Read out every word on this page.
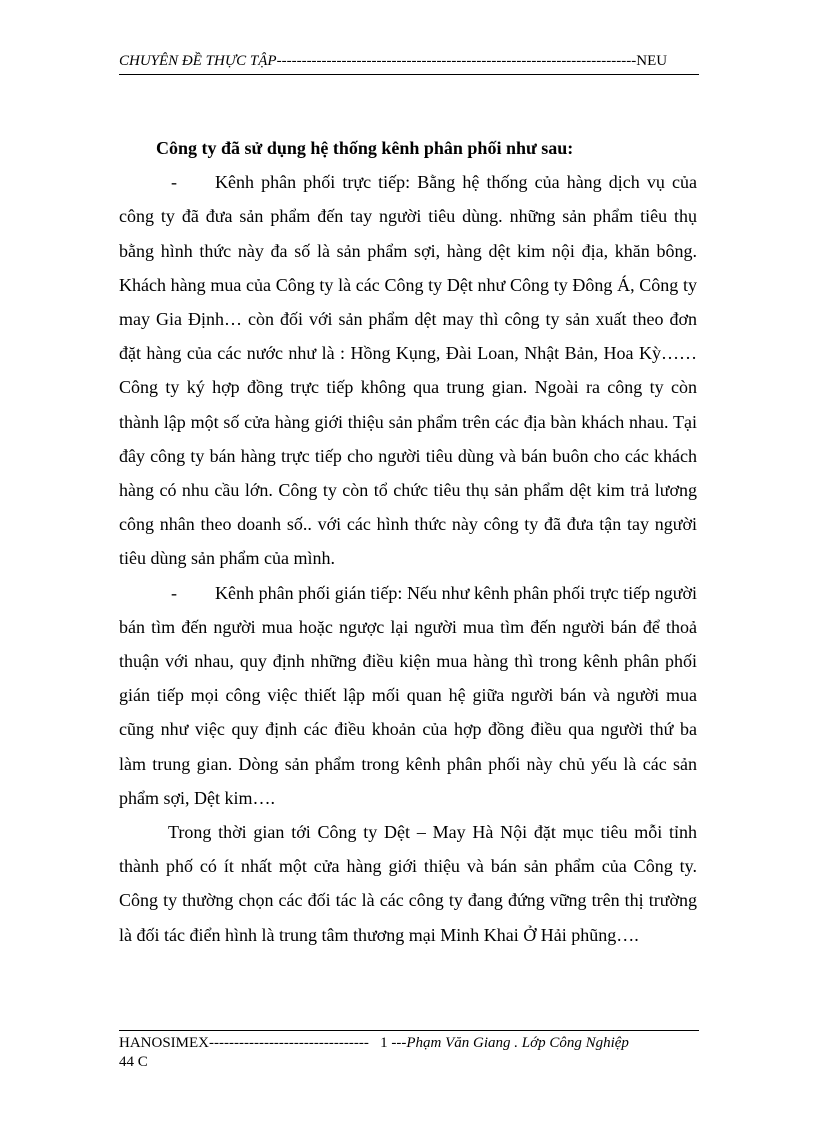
CHUYÊN ĐỀ THỰC TẬP------------------------------------------------------------------------NEU

Công ty đã sử dụng hệ thống kênh phân phối như sau:

- Kênh phân phối trực tiếp: Bằng hệ thống của hàng dịch vụ của công ty đã đưa sản phẩm đến tay người tiêu dùng. những sản phẩm tiêu thụ bằng hình thức này đa số là sản phẩm sợi, hàng dệt kim nội địa, khăn bông. Khách hàng mua của Công ty là các Công ty Dệt như Công ty Đông Á, Công ty may Gia Định… còn đối với sản phẩm dệt may thì công ty sản xuất theo đơn đặt hàng của các nước như là : Hồng Kụng, Đài Loan, Nhật Bản, Hoa Kỳ…… Công ty ký hợp đồng trực tiếp không qua trung gian. Ngoài ra công ty còn thành lập một số cửa hàng giới thiệu sản phẩm trên các địa bàn khách nhau. Tại đây công ty bán hàng trực tiếp cho người tiêu dùng và bán buôn cho các khách hàng có nhu cầu lớn. Công ty còn tổ chức tiêu thụ sản phẩm dệt kim trả lương công nhân theo doanh số.. với các hình thức này công ty đã đưa tận tay người tiêu dùng sản phẩm của mình.

- Kênh phân phối gián tiếp: Nếu như kênh phân phối trực tiếp người bán tìm đến người mua hoặc ngược lại người mua tìm đến người bán để thoả thuận với nhau, quy định những điều kiện mua hàng thì trong kênh phân phối gián tiếp mọi công việc thiết lập mối quan hệ giữa người bán và người mua cũng như việc quy định các điều khoản của hợp đồng điều qua người thứ ba làm trung gian. Dòng sản phẩm trong kênh phân phối này chủ yếu là các sản phẩm sợi, Dệt kim….

Trong thời gian tới Công ty Dệt – May Hà Nội đặt mục tiêu mỗi tỉnh thành phố có ít nhất một cửa hàng giới thiệu và bán sản phẩm của Công ty. Công ty thường chọn các đối tác là các công ty đang đứng vững trên thị trường là đối tác điển hình là trung tâm thương mại Minh Khai Ở Hải phũng….

HANOSIMEX-------------------------------- 1 ---Phạm Văn Giang . Lớp Công Nghiệp
44 C
